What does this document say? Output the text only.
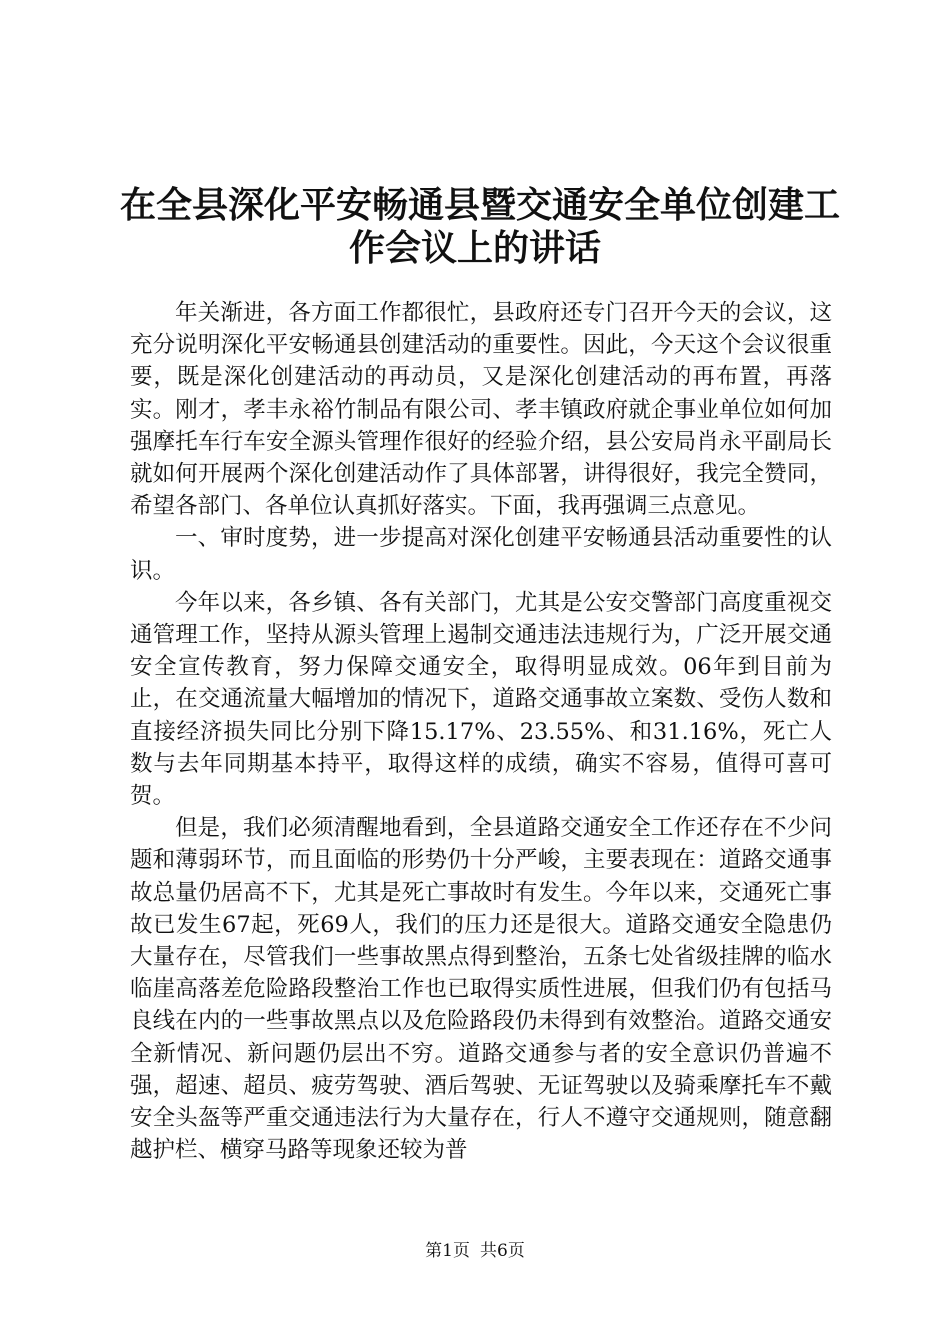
在全县深化平安畅通县暨交通安全单位创建工
作会议上的讲话

年关渐进，各方面工作都很忙，县政府还专门召开今天的会议，这充分说明深化平安畅通县创建活动的重要性。因此，今天这个会议很重要，既是深化创建活动的再动员，又是深化创建活动的再布置，再落实。刚才，孝丰永裕竹制品有限公司、孝丰镇政府就企事业单位如何加强摩托车行车安全源头管理作很好的经验介绍，县公安局肖永平副局长就如何开展两个深化创建活动作了具体部署，讲得很好，我完全赞同，希望各部门、各单位认真抓好落实。下面，我再强调三点意见。

一、审时度势，进一步提高对深化创建平安畅通县活动重要性的认识。

今年以来，各乡镇、各有关部门，尤其是公安交警部门高度重视交通管理工作，坚持从源头管理上遏制交通违法违规行为，广泛开展交通安全宣传教育，努力保障交通安全，取得明显成效。06年到目前为止，在交通流量大幅增加的情况下，道路交通事故立案数、受伤人数和直接经济损失同比分别下降15.17%、23.55%、和31.16%，死亡人数与去年同期基本持平，取得这样的成绩，确实不容易，值得可喜可贺。

但是，我们必须清醒地看到，全县道路交通安全工作还存在不少问题和薄弱环节，而且面临的形势仍十分严峻，主要表现在：道路交通事故总量仍居高不下，尤其是死亡事故时有发生。今年以来，交通死亡事故已发生67起，死69人，我们的压力还是很大。道路交通安全隐患仍大量存在，尽管我们一些事故黑点得到整治，五条七处省级挂牌的临水临崖高落差危险路段整治工作也已取得实质性进展，但我们仍有包括马良线在内的一些事故黑点以及危险路段仍未得到有效整治。道路交通安全新情况、新问题仍层出不穷。道路交通参与者的安全意识仍普遍不强，超速、超员、疲劳驾驶、酒后驾驶、无证驾驶以及骑乘摩托车不戴安全头盔等严重交通违法行为大量存在，行人不遵守交通规则，随意翻越护栏、横穿马路等现象还较为普

第1页 共6页
